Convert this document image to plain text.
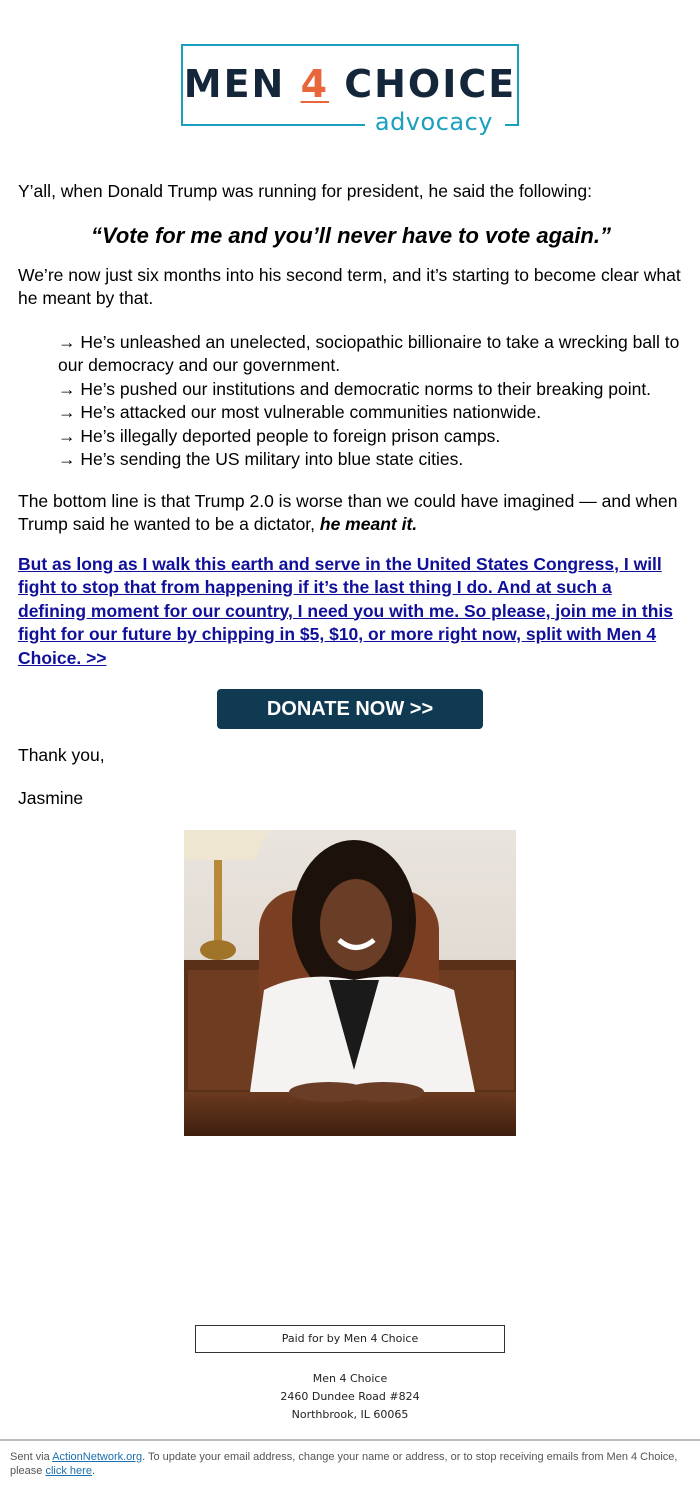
MEN 4 CHOICE
advocacy

Y’all, when Donald Trump was running for president, he said the following:

“Vote for me and you’ll never have to vote again.”

We’re now just six months into his second term, and it’s starting to become clear what he meant by that.

→ He’s unleashed an unelected, sociopathic billionaire to take a wrecking ball to our democracy and our government.
→ He’s pushed our institutions and democratic norms to their breaking point.
→ He’s attacked our most vulnerable communities nationwide.
→ He’s illegally deported people to foreign prison camps.
→ He’s sending the US military into blue state cities.

The bottom line is that Trump 2.0 is worse than we could have imagined — and when Trump said he wanted to be a dictator, he meant it.

But as long as I walk this earth and serve in the United States Congress, I will fight to stop that from happening if it’s the last thing I do. And at such a defining moment for our country, I need you with me. So please, join me in this fight for our future by chipping in $5, $10, or more right now, split with Men 4 Choice. >>

DONATE NOW >>
Thank you,
Jasmine
Paid for by Men 4 Choice
Men 4 Choice
2460 Dundee Road #824
Northbrook, IL 60065
Sent via ActionNetwork.org. To update your email address, change your name or address, or to stop receiving emails from Men 4 Choice, please click here.
